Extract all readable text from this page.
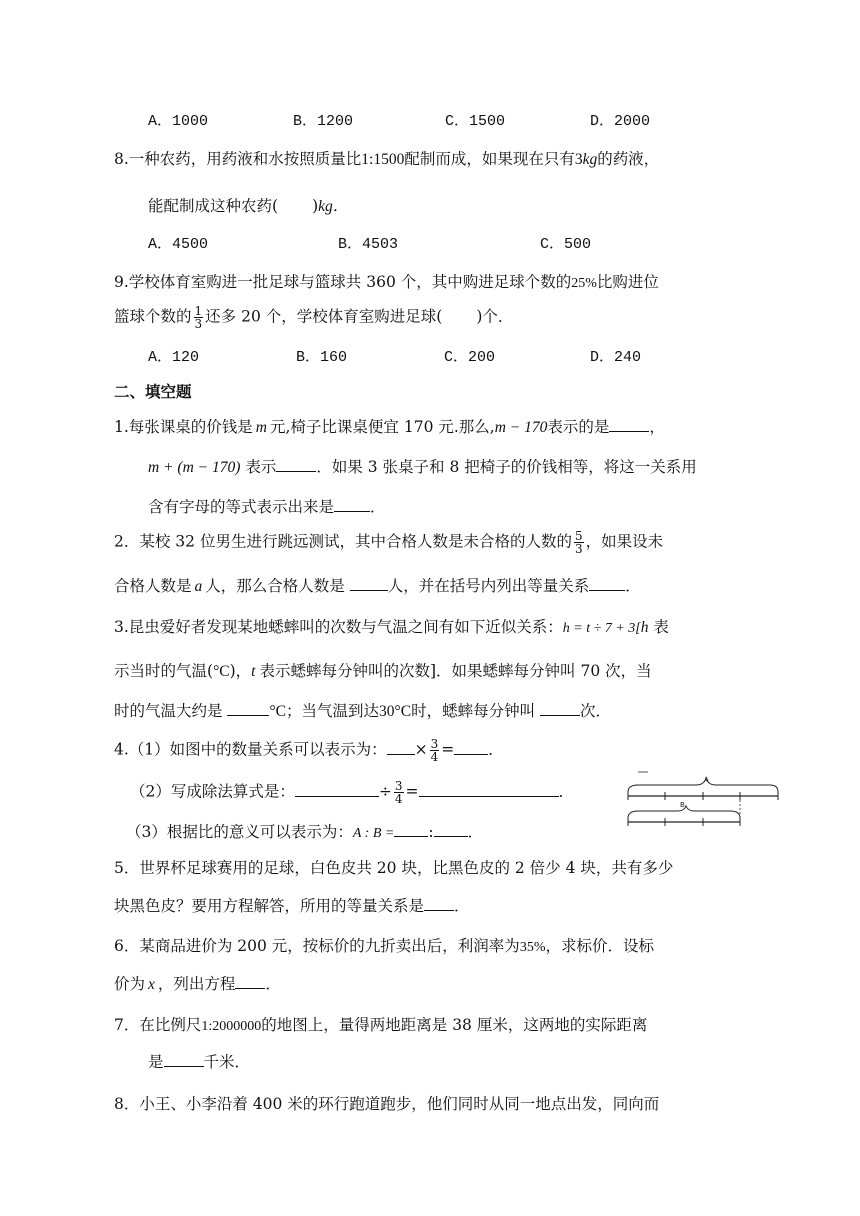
A．1000	B．1200	C．1500	D．2000
8.一种农药，用药液和水按照质量比1:1500配制而成，如果现在只有3kg的药液，
能配制成这种农药( )kg．
A．4500	B．4503	C．500
9.学校体育室购进一批足球与篮球共 360 个，其中购进足球个数的25%比购进位
篮球个数的 $\frac{1}{3}$ 还多 20 个，学校体育室购进足球( )个．
A．120	B．160	C．200	D．240
二、填空题
1.每张课桌的价钱是 m 元,椅子比课桌便宜 170 元.那么,m − 170表示的是	，
m + (m − 170) 表示	．如果 3 张桌子和 8 把椅子的价钱相等，将这一关系用
含有字母的等式表示出来是 ．
2．某校 32 位男生进行跳远测试，其中合格人数是未合格的人数的 $\frac{5}{3}$ ，如果设未
合格人数是 a 人，那么合格人数是	人，并在括号内列出等量关系 ．
3.昆虫爱好者发现某地蟋蟀叫的次数与气温之间有如下近似关系：h = t ÷ 7 + 3[h 表
示当时的气温(°C)，t 表示蟋蟀每分钟叫的次数]．如果蟋蟀每分钟叫 70 次，当
时的气温大约是	°C；当气温到达30°C时，蟋蟀每分钟叫	次．
4.（1）如图中的数量关系可以表示为： × $\frac{3}{4}$ = ．
（2）写成除法算式是：	÷ $\frac{3}{4}$ =	．
（3）根据比的意义可以表示为：A : B = : ．
A
B
5．世界杯足球赛用的足球，白色皮共 20 块，比黑色皮的 2 倍少 4 块，共有多少
块黑色皮？要用方程解答，所用的等量关系是 ．
6．某商品进价为 200 元，按标价的九折卖出后，利润率为35%，求标价．设标
价为 x ，列出方程 ．
7．在比例尺1:2000000的地图上，量得两地距离是 38 厘米，这两地的实际距离
是	千米．
8．小王、小李沿着 400 米的环行跑道跑步，他们同时从同一地点出发，同向而
